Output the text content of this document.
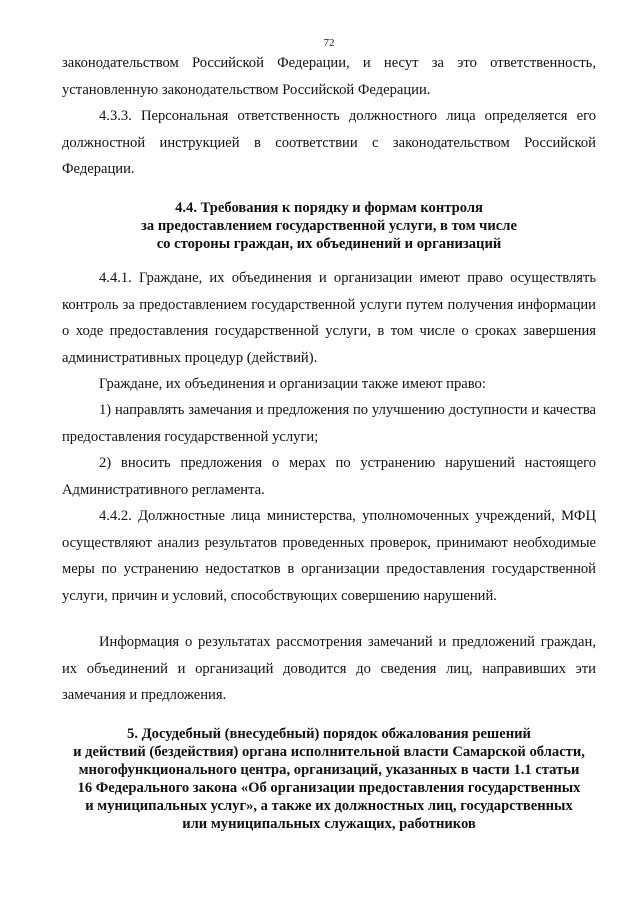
72

законодательством Российской Федерации, и несут за это ответственность, установленную законодательством Российской Федерации.

4.3.3. Персональная ответственность должностного лица определяется его должностной инструкцией в соответствии с законодательством Российской Федерации.

4.4. Требования к порядку и формам контроля
за предоставлением государственной услуги, в том числе
со стороны граждан, их объединений и организаций

4.4.1. Граждане, их объединения и организации имеют право осуществлять контроль за предоставлением государственной услуги путем получения информации о ходе предоставления государственной услуги, в том числе о сроках завершения административных процедур (действий).

Граждане, их объединения и организации также имеют право:

1) направлять замечания и предложения по улучшению доступности и качества предоставления государственной услуги;

2) вносить предложения о мерах по устранению нарушений настоящего Административного регламента.

4.4.2. Должностные лица министерства, уполномоченных учреждений, МФЦ осуществляют анализ результатов проведенных проверок, принимают необходимые меры по устранению недостатков в организации предоставления государственной услуги, причин и условий, способствующих совершению нарушений.

Информация о результатах рассмотрения замечаний и предложений граждан, их объединений и организаций доводится до сведения лиц, направивших эти замечания и предложения.

5. Досудебный (внесудебный) порядок обжалования решений
и действий (бездействия) органа исполнительной власти Самарской области,
многофункционального центра, организаций, указанных в части 1.1 статьи
16 Федерального закона «Об организации предоставления государственных
и муниципальных услуг», а также их должностных лиц, государственных
или муниципальных служащих, работников
